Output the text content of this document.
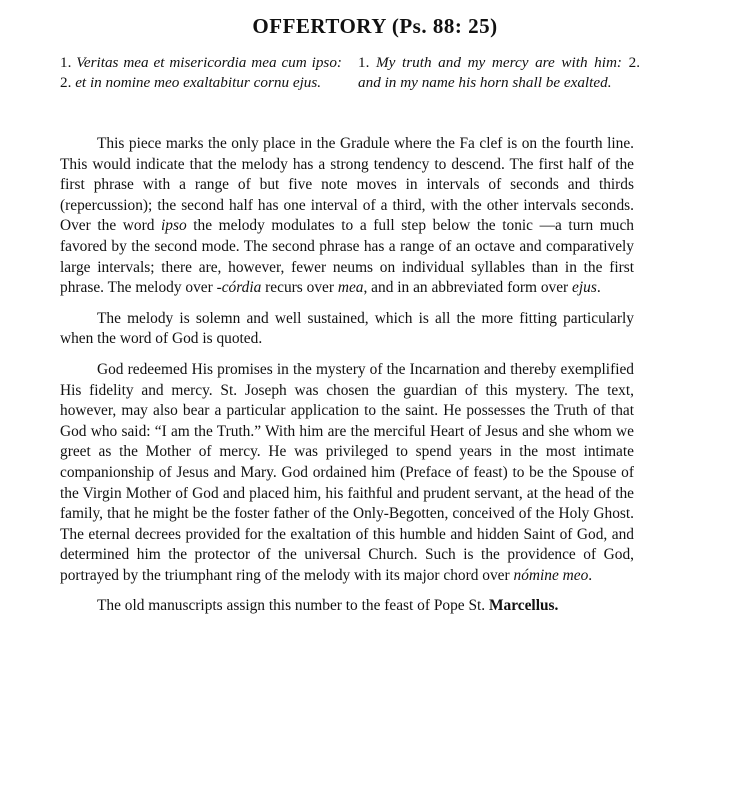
OFFERTORY (Ps. 88: 25)
1. Veritas mea et misericordia mea cum ipso: 2. et in nomine meo exaltabitur cornu ejus.
1. My truth and my mercy are with him: 2. and in my name his horn shall be exalted.

This piece marks the only place in the Gradule where the Fa clef is on the fourth line. This would indicate that the melody has a strong tendency to descend. The first half of the first phrase with a range of but five note moves in intervals of seconds and thirds (repercussion); the second half has one interval of a third, with the other intervals seconds. Over the word ipso the melody modulates to a full step below the tonic —a turn much favored by the second mode. The second phrase has a range of an octave and comparatively large intervals; there are, however, fewer neums on individual syllables than in the first phrase. The melody over -córdia recurs over mea, and in an abbreviated form over ejus.

The melody is solemn and well sustained, which is all the more fitting particularly when the word of God is quoted.

God redeemed His promises in the mystery of the Incarnation and thereby exemplified His fidelity and mercy. St. Joseph was chosen the guardian of this mystery. The text, however, may also bear a particular application to the saint. He possesses the Truth of that God who said: “I am the Truth.” With him are the merciful Heart of Jesus and she whom we greet as the Mother of mercy. He was privileged to spend years in the most intimate companionship of Jesus and Mary. God ordained him (Preface of feast) to be the Spouse of the Virgin Mother of God and placed him, his faithful and prudent servant, at the head of the family, that he might be the foster father of the Only-Begotten, conceived of the Holy Ghost. The eternal decrees provided for the exaltation of this humble and hidden Saint of God, and determined him the protector of the universal Church. Such is the providence of God, portrayed by the triumphant ring of the melody with its major chord over nómine meo.

The old manuscripts assign this number to the feast of Pope St. Marcellus.
